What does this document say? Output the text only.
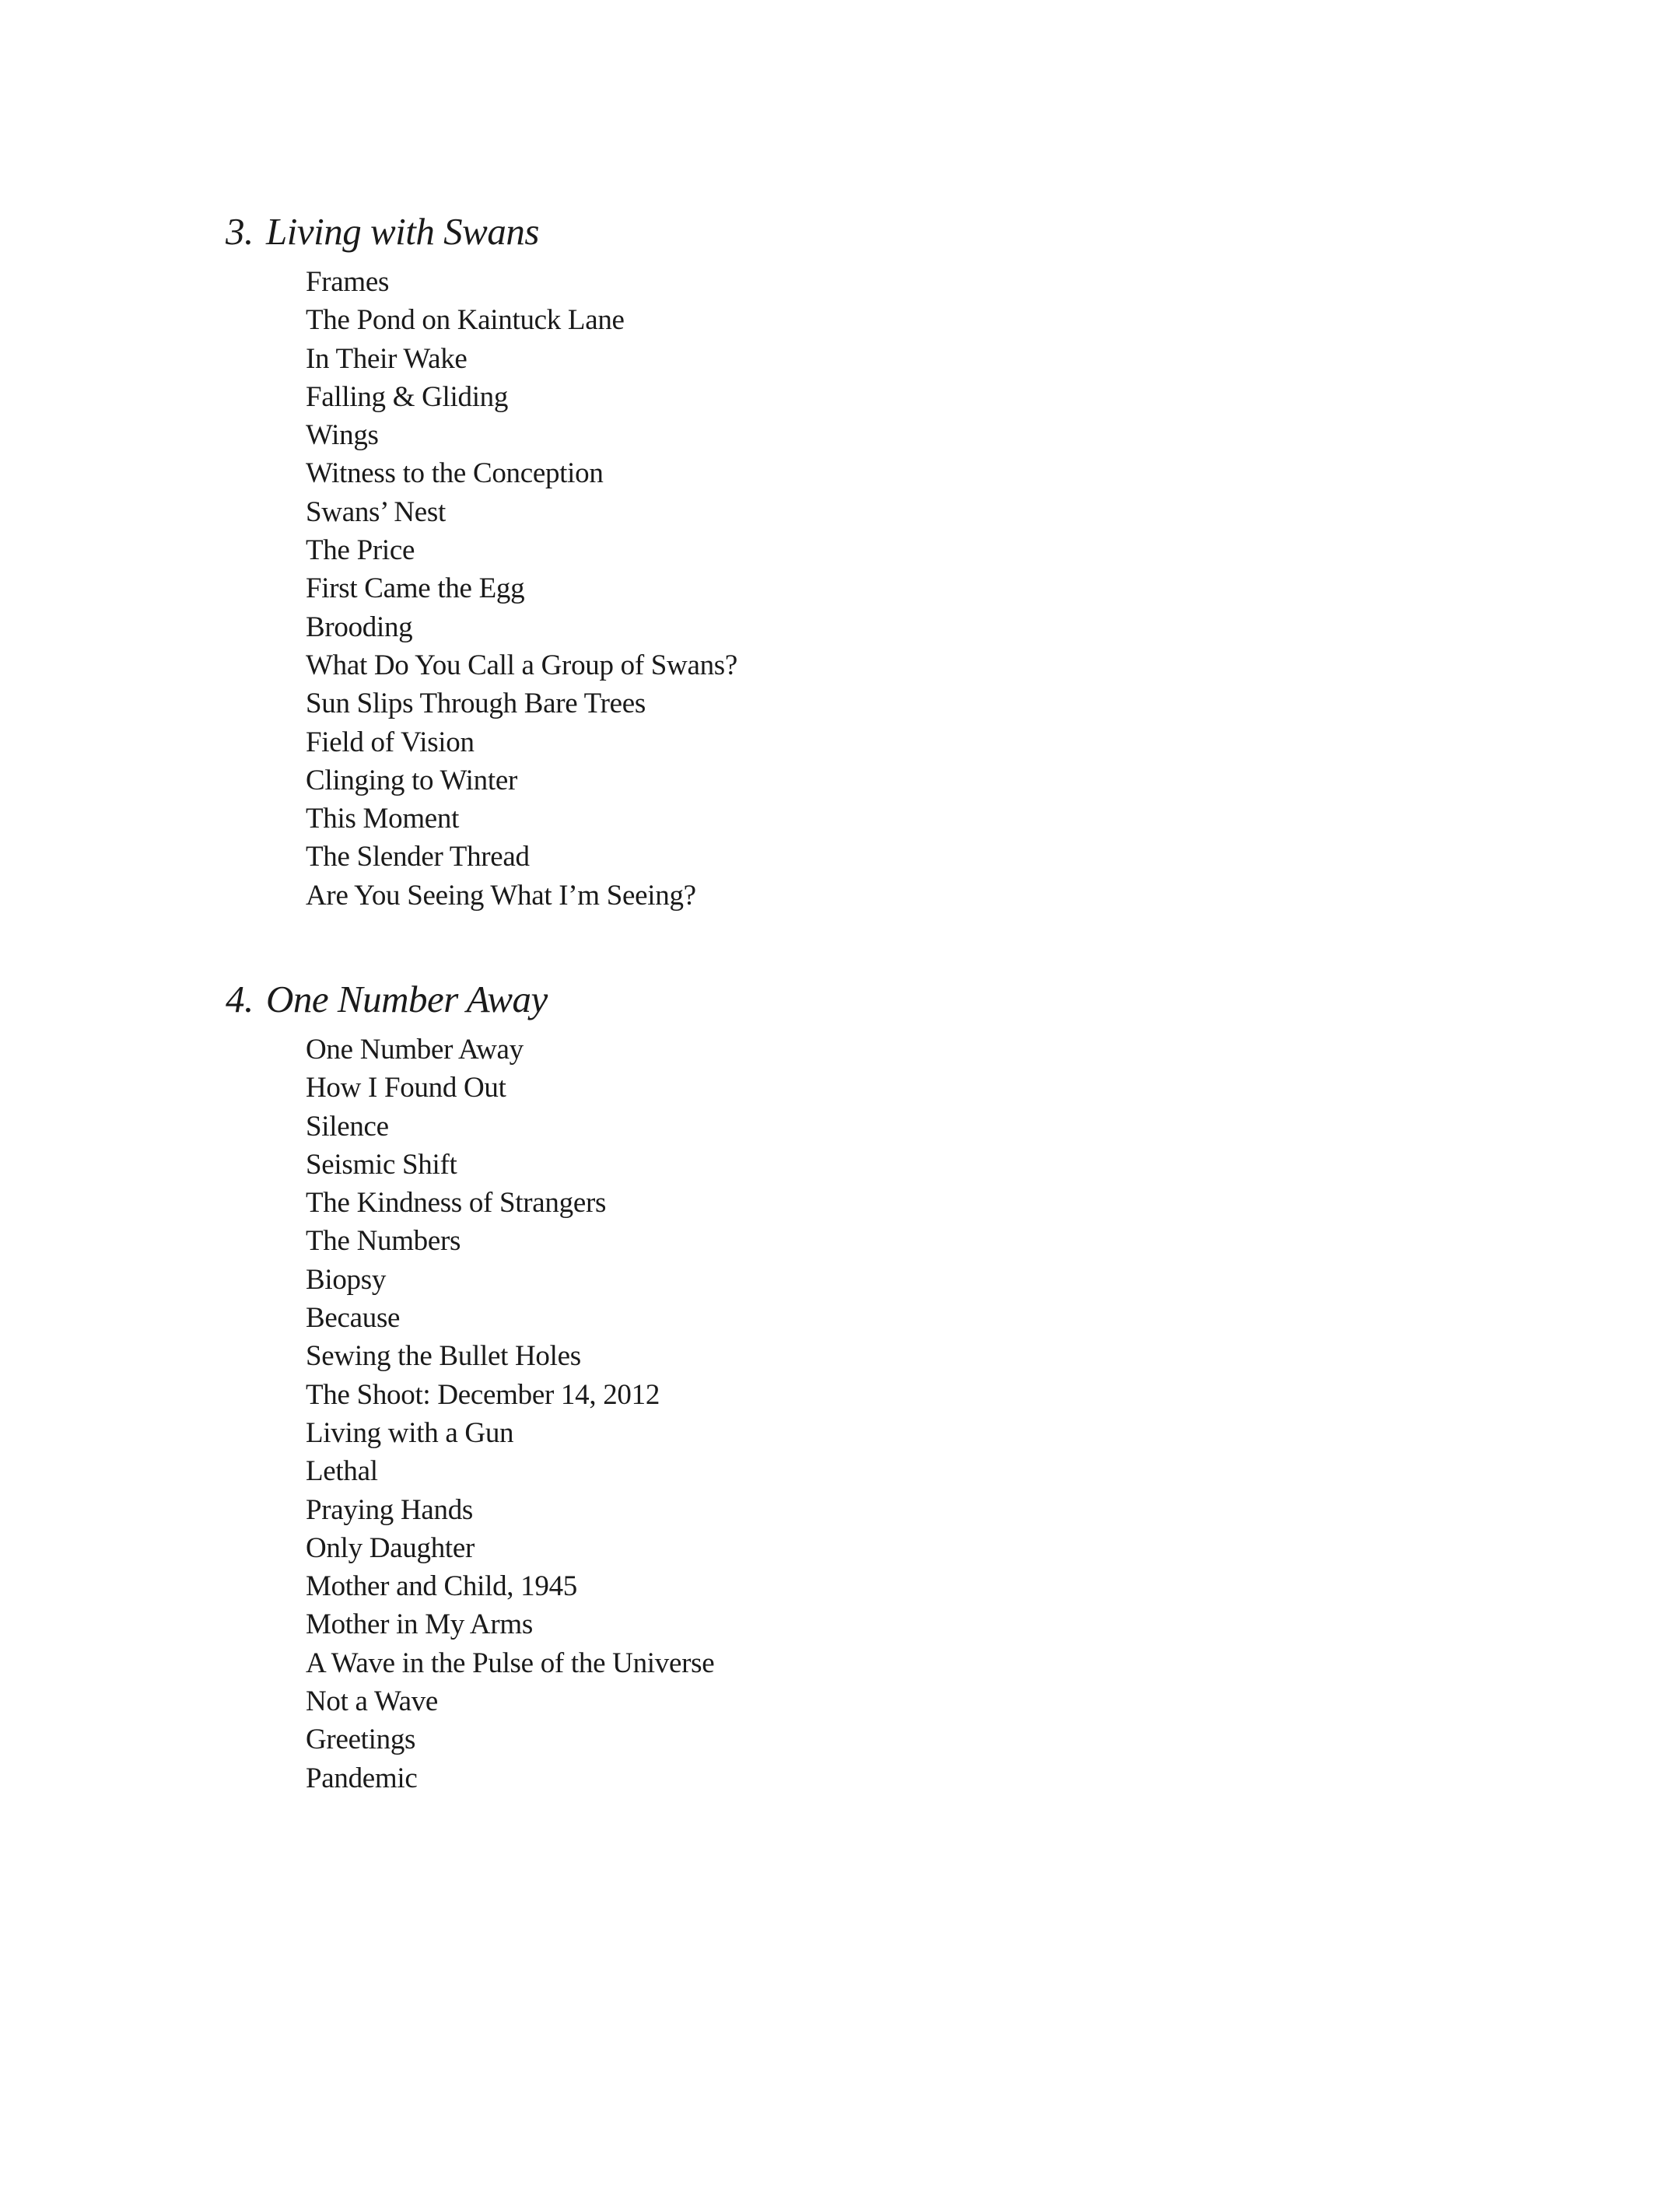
3. Living with Swans
Frames
The Pond on Kaintuck Lane
In Their Wake
Falling & Gliding
Wings
Witness to the Conception
Swans’ Nest
The Price
First Came the Egg
Brooding
What Do You Call a Group of Swans?
Sun Slips Through Bare Trees
Field of Vision
Clinging to Winter
This Moment
The Slender Thread
Are You Seeing What I’m Seeing?
4. One Number Away
One Number Away
How I Found Out
Silence
Seismic Shift
The Kindness of Strangers
The Numbers
Biopsy
Because
Sewing the Bullet Holes
The Shoot: December 14, 2012
Living with a Gun
Lethal
Praying Hands
Only Daughter
Mother and Child, 1945
Mother in My Arms
A Wave in the Pulse of the Universe
Not a Wave
Greetings
Pandemic
